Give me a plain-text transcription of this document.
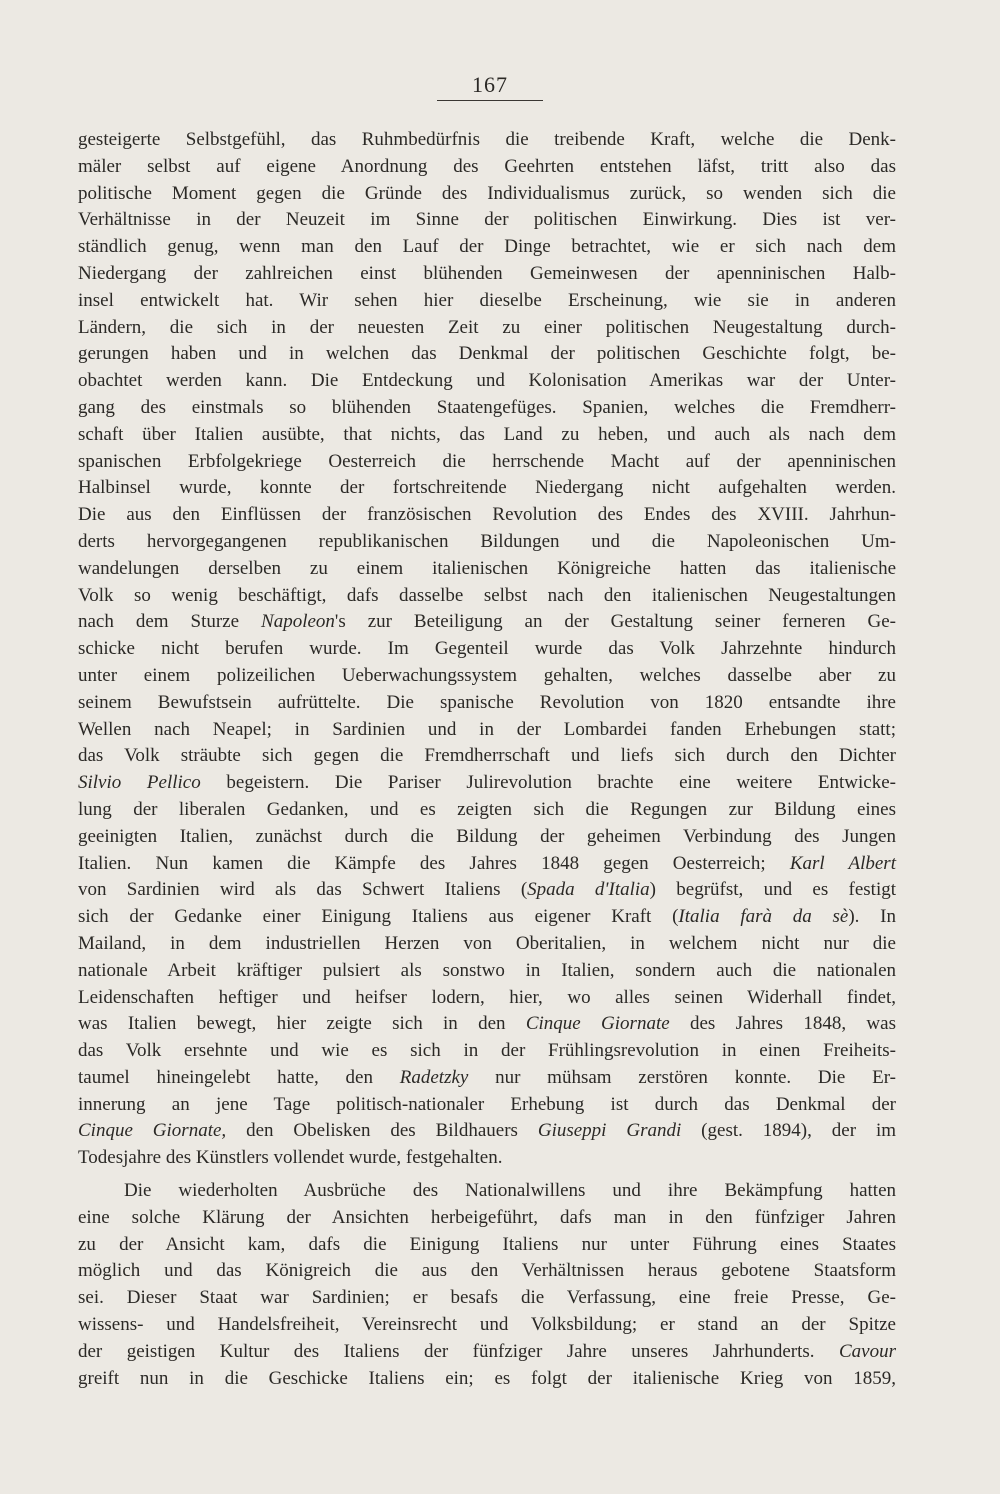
167
gesteigerte Selbstgefühl, das Ruhmbedürfnis die treibende Kraft, welche die Denk-
mäler selbst auf eigene Anordnung des Geehrten entstehen läfst, tritt also das
politische Moment gegen die Gründe des Individualismus zurück, so wenden sich die
Verhältnisse in der Neuzeit im Sinne der politischen Einwirkung. Dies ist ver-
ständlich genug, wenn man den Lauf der Dinge betrachtet, wie er sich nach dem
Niedergang der zahlreichen einst blühenden Gemeinwesen der apenninischen Halb-
insel entwickelt hat. Wir sehen hier dieselbe Erscheinung, wie sie in anderen
Ländern, die sich in der neuesten Zeit zu einer politischen Neugestaltung durch-
gerungen haben und in welchen das Denkmal der politischen Geschichte folgt, be-
obachtet werden kann. Die Entdeckung und Kolonisation Amerikas war der Unter-
gang des einstmals so blühenden Staatengefüges. Spanien, welches die Fremdherr-
schaft über Italien ausübte, that nichts, das Land zu heben, und auch als nach dem
spanischen Erbfolgekriege Oesterreich die herrschende Macht auf der apenninischen
Halbinsel wurde, konnte der fortschreitende Niedergang nicht aufgehalten werden.
Die aus den Einflüssen der französischen Revolution des Endes des XVIII. Jahrhun-
derts hervorgegangenen republikanischen Bildungen und die Napoleonischen Um-
wandelungen derselben zu einem italienischen Königreiche hatten das italienische
Volk so wenig beschäftigt, dafs dasselbe selbst nach den italienischen Neugestaltungen
nach dem Sturze Napoleon's zur Beteiligung an der Gestaltung seiner ferneren Ge-
schicke nicht berufen wurde. Im Gegenteil wurde das Volk Jahrzehnte hindurch
unter einem polizeilichen Ueberwachungssystem gehalten, welches dasselbe aber zu
seinem Bewufstsein aufrüttelte. Die spanische Revolution von 1820 entsandte ihre
Wellen nach Neapel; in Sardinien und in der Lombardei fanden Erhebungen statt;
das Volk sträubte sich gegen die Fremdherrschaft und liefs sich durch den Dichter
Silvio Pellico begeistern. Die Pariser Julirevolution brachte eine weitere Entwicke-
lung der liberalen Gedanken, und es zeigten sich die Regungen zur Bildung eines
geeinigten Italien, zunächst durch die Bildung der geheimen Verbindung des Jungen
Italien. Nun kamen die Kämpfe des Jahres 1848 gegen Oesterreich; Karl Albert
von Sardinien wird als das Schwert Italiens (Spada d'Italia) begrüfst, und es festigt
sich der Gedanke einer Einigung Italiens aus eigener Kraft (Italia farà da sè). In
Mailand, in dem industriellen Herzen von Oberitalien, in welchem nicht nur die
nationale Arbeit kräftiger pulsiert als sonstwo in Italien, sondern auch die nationalen
Leidenschaften heftiger und heifser lodern, hier, wo alles seinen Widerhall findet,
was Italien bewegt, hier zeigte sich in den Cinque Giornate des Jahres 1848, was
das Volk ersehnte und wie es sich in der Frühlingsrevolution in einen Freiheits-
taumel hineingelebt hatte, den Radetzky nur mühsam zerstören konnte. Die Er-
innerung an jene Tage politisch-nationaler Erhebung ist durch das Denkmal der
Cinque Giornate, den Obelisken des Bildhauers Giuseppi Grandi (gest. 1894), der im
Todesjahre des Künstlers vollendet wurde, festgehalten.
Die wiederholten Ausbrüche des Nationalwillens und ihre Bekämpfung hatten
eine solche Klärung der Ansichten herbeigeführt, dafs man in den fünfziger Jahren
zu der Ansicht kam, dafs die Einigung Italiens nur unter Führung eines Staates
möglich und das Königreich die aus den Verhältnissen heraus gebotene Staatsform
sei. Dieser Staat war Sardinien; er besafs die Verfassung, eine freie Presse, Ge-
wissens- und Handelsfreiheit, Vereinsrecht und Volksbildung; er stand an der Spitze
der geistigen Kultur des Italiens der fünfziger Jahre unseres Jahrhunderts. Cavour
greift nun in die Geschicke Italiens ein; es folgt der italienische Krieg von 1859,
